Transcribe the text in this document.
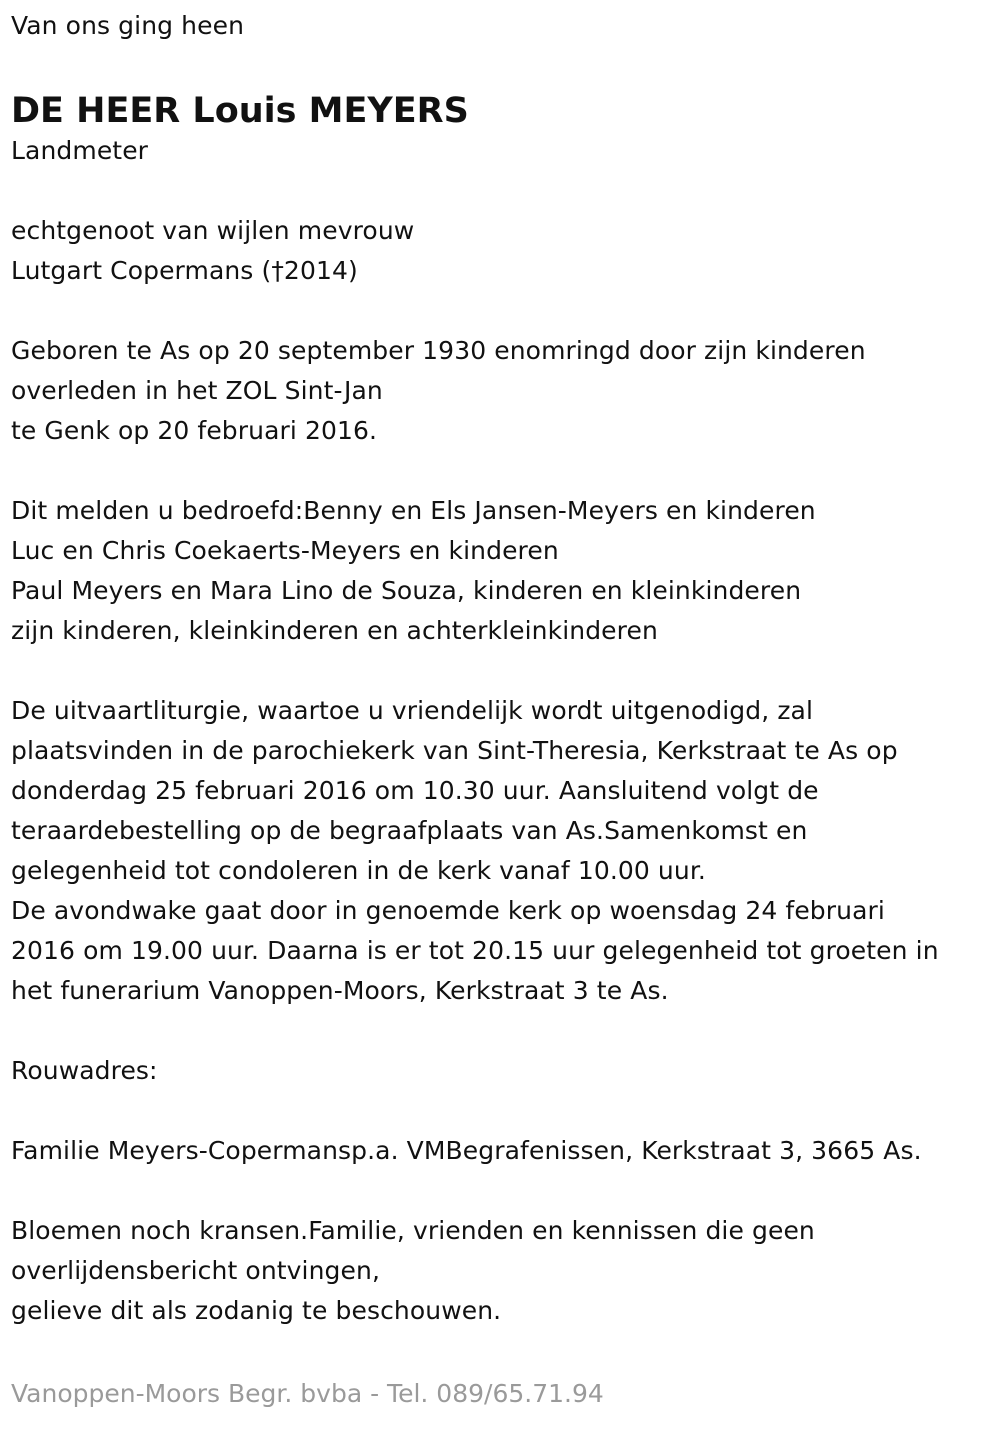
Van ons ging heen
DE HEER Louis MEYERS
Landmeter
echtgenoot van wijlen mevrouw
Lutgart Copermans (†2014)
Geboren te As op 20 september 1930 enomringd door zijn kinderen
overleden in het ZOL Sint-Jan
te Genk op 20 februari 2016.
Dit melden u bedroefd:Benny en Els Jansen-Meyers en kinderen
Luc en Chris Coekaerts-Meyers en kinderen
Paul Meyers en Mara Lino de Souza, kinderen en kleinkinderen
zijn kinderen, kleinkinderen en achterkleinkinderen
De uitvaartliturgie, waartoe u vriendelijk wordt uitgenodigd, zal
plaatsvinden in de parochiekerk van Sint-Theresia, Kerkstraat te As op
donderdag 25 februari 2016 om 10.30 uur. Aansluitend volgt de
teraardebestelling op de begraafplaats van As.Samenkomst en
gelegenheid tot condoleren in de kerk vanaf 10.00 uur.
De avondwake gaat door in genoemde kerk op woensdag 24 februari
2016 om 19.00 uur. Daarna is er tot 20.15 uur gelegenheid tot groeten in
het funerarium Vanoppen-Moors, Kerkstraat 3 te As.
Rouwadres:
Familie Meyers-Copermansp.a. VMBegrafenissen, Kerkstraat 3, 3665 As.
Bloemen noch kransen.Familie, vrienden en kennissen die geen
overlijdensbericht ontvingen,
gelieve dit als zodanig te beschouwen.
Vanoppen-Moors Begr. bvba - Tel. 089/65.71.94
